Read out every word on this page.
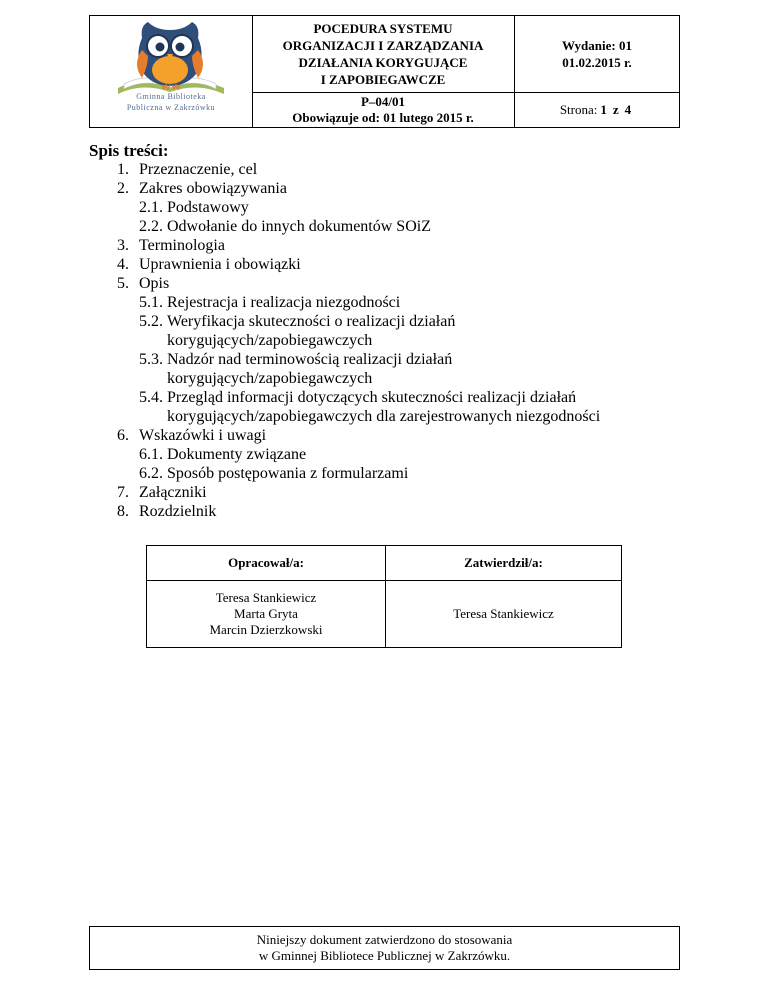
Gminna Biblioteka
Publiczna w Zakrzówku
POCEDURA SYSTEMU
ORGANIZACJI I ZARZĄDZANIA
DZIAŁANIA KORYGUJĄCE
I ZAPOBIEGAWCZE
P–04/01
Obowiązuje od: 01 lutego 2015 r.
Wydanie: 01
01.02.2015 r.
Strona: 1 z 4
Spis treści:
1. Przeznaczenie, cel
2. Zakres obowiązywania
2.1. Podstawowy
2.2. Odwołanie do innych dokumentów SOiZ
3. Terminologia
4. Uprawnienia i obowiązki
5. Opis
5.1. Rejestracja i realizacja niezgodności
5.2. Weryfikacja skuteczności o realizacji działań
korygujących/zapobiegawczych
5.3. Nadzór nad terminowością realizacji działań
korygujących/zapobiegawczych
5.4. Przegląd informacji dotyczących skuteczności realizacji działań
korygujących/zapobiegawczych dla zarejestrowanych niezgodności
6. Wskazówki i uwagi
6.1. Dokumenty związane
6.2. Sposób postępowania z formularzami
7. Załączniki
8. Rozdzielnik
Opracował/a:
Teresa Stankiewicz
Marta Gryta
Marcin Dzierzkowski
Zatwierdził/a:
Teresa Stankiewicz
Niniejszy dokument zatwierdzono do stosowania
w Gminnej Bibliotece Publicznej w Zakrzówku.
